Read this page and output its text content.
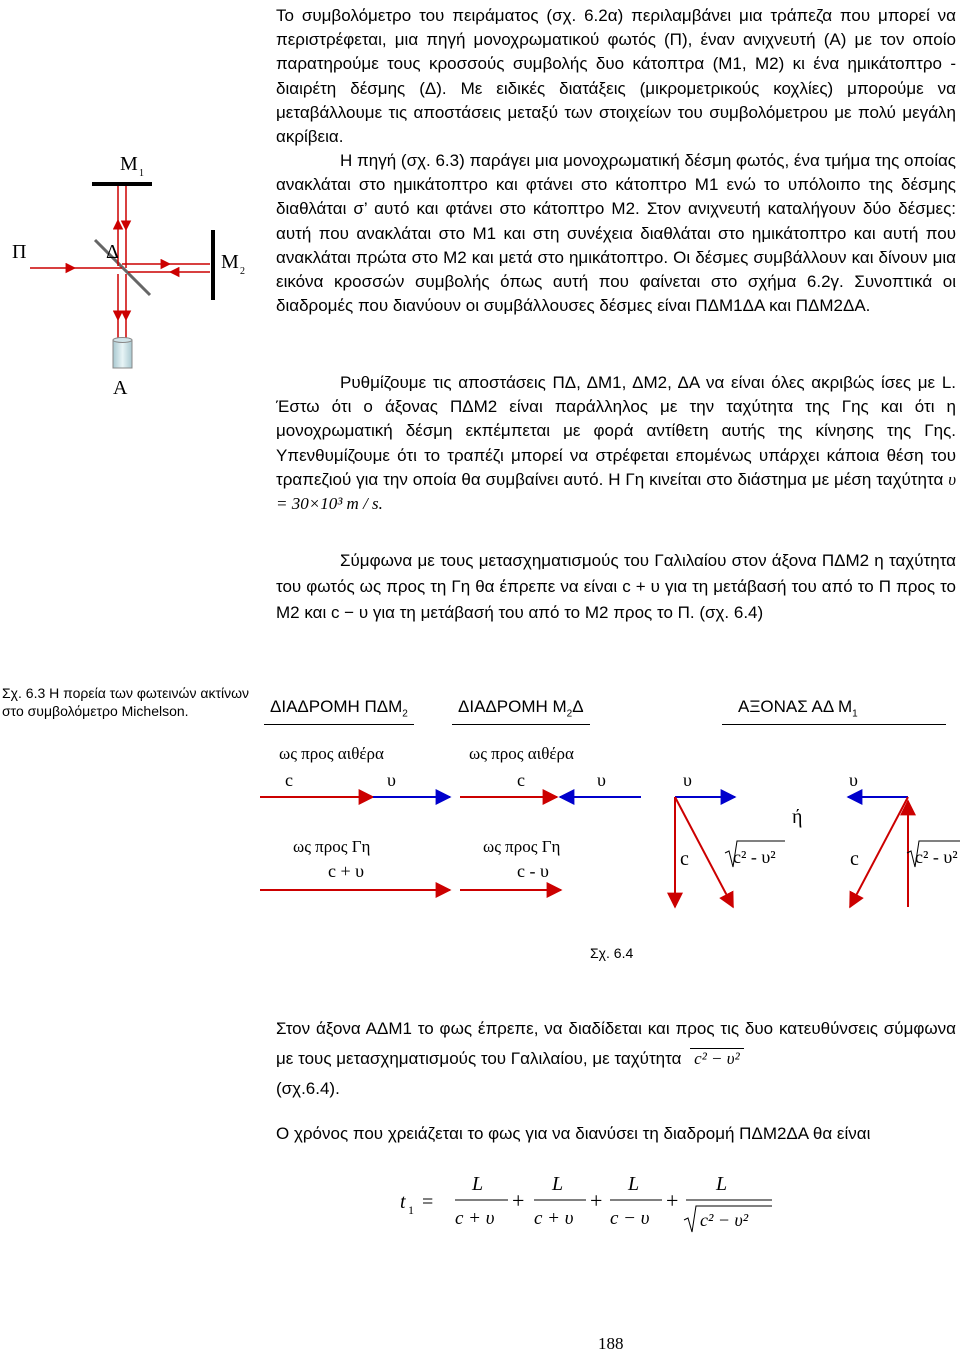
Μ 1
Π	Δ	Μ 2
Α
Σχ. 6.3 Η πορεία των φωτεινών ακτίνων στο συμβολόμετρο Michelson.

Το συμβολόμετρο του πειράματος (σχ. 6.2α) περιλαμβάνει μια τράπεζα που μπορεί να περιστρέφεται, μια πηγή μονοχρωματικού φωτός (Π), έναν ανιχνευτή (Α) με τον οποίο παρατηρούμε τους κροσσούς συμβολής δυο κάτοπτρα (Μ1, Μ2) κι ένα ημικάτοπτρο - διαιρέτη δέσμης (Δ). Με ειδικές διατάξεις (μικρομετρικούς κοχλίες) μπορούμε να μεταβάλλουμε τις αποστάσεις μεταξύ των στοιχείων του συμβολόμετρου με πολύ μεγάλη ακρίβεια.

Η πηγή (σχ. 6.3) παράγει μια μονοχρωματική δέσμη φωτός, ένα τμήμα της οποίας ανακλάται στο ημικάτοπτρο και φτάνει στο κάτοπτρο Μ1 ενώ το υπόλοιπο της δέσμης διαθλάται σ’ αυτό και φτάνει στο κάτοπτρο Μ2. Στον ανιχνευτή καταλήγουν δύο δέσμες: αυτή που ανακλάται στο Μ1 και στη συνέχεια διαθλάται στο ημικάτοπτρο και αυτή που ανακλάται πρώτα στο Μ2 και μετά στο ημικάτοπτρο. Οι δέσμες συμβάλλουν και δίνουν μια εικόνα κροσσών συμβολής όπως αυτή που φαίνεται στο σχήμα 6.2γ. Συνοπτικά οι διαδρομές που διανύουν οι συμβάλλουσες δέσμες είναι ΠΔΜ1ΔΑ και ΠΔΜ2ΔΑ.

Ρυθμίζουμε τις αποστάσεις ΠΔ, ΔΜ1, ΔΜ2, ΔΑ να είναι όλες ακριβώς ίσες με L. Έστω ότι ο άξονας ΠΔΜ2 είναι παράλληλος με την ταχύτητα της Γης και ότι η μονοχρωματική δέσμη εκπέμπεται με φορά αντίθετη αυτής της κίνησης της Γης. Υπενθυμίζουμε ότι το τραπέζι μπορεί να στρέφεται επομένως υπάρχει κάποια θέση του τραπεζιού για την οποία θα συμβαίνει αυτό. Η Γη κινείται στο διάστημα με μέση ταχύτητα υ = 30×10³ m / s.

Σύμφωνα με τους μετασχηματισμούς του Γαλιλαίου στον άξονα ΠΔΜ2 η ταχύτητα του φωτός ως προς τη Γη θα έπρεπε να είναι c + υ για τη μετάβασή του από το Π προς το Μ2 και c − υ για τη μετάβασή του από το Μ2 προς το Π. (σχ. 6.4)

ΔΙΑΔΡΟΜΗ $\Pi\Delta M_2$	ΔΙΑΔΡΟΜΗ $M_2\Delta$	ΑΞΟΝΑΣ ΑΔ $M_1$
ως προς αιθέρα
c	υ
ως προς Γη
c + υ
ως προς αιθέρα
c	υ
ως προς Γη
c - υ
υ
c c² - υ²
ή
υ
c	c² - υ²
Σχ. 6.4

Στον άξονα ΑΔΜ1 το φως έπρεπε, να διαδίδεται και προς τις δυο κατευθύνσεις σύμφωνα με τους μετασχηματισμούς του Γαλιλαίου, με ταχύτητα c² − υ²

(σχ.6.4).

Ο χρόνος που χρειάζεται το φως για να διανύσει τη διαδρομή ΠΔΜ2ΔΑ θα είναι

t 1 =
L
c + υ
+
L
c + υ
+
L
c − υ
+
L
c² − υ²
188
